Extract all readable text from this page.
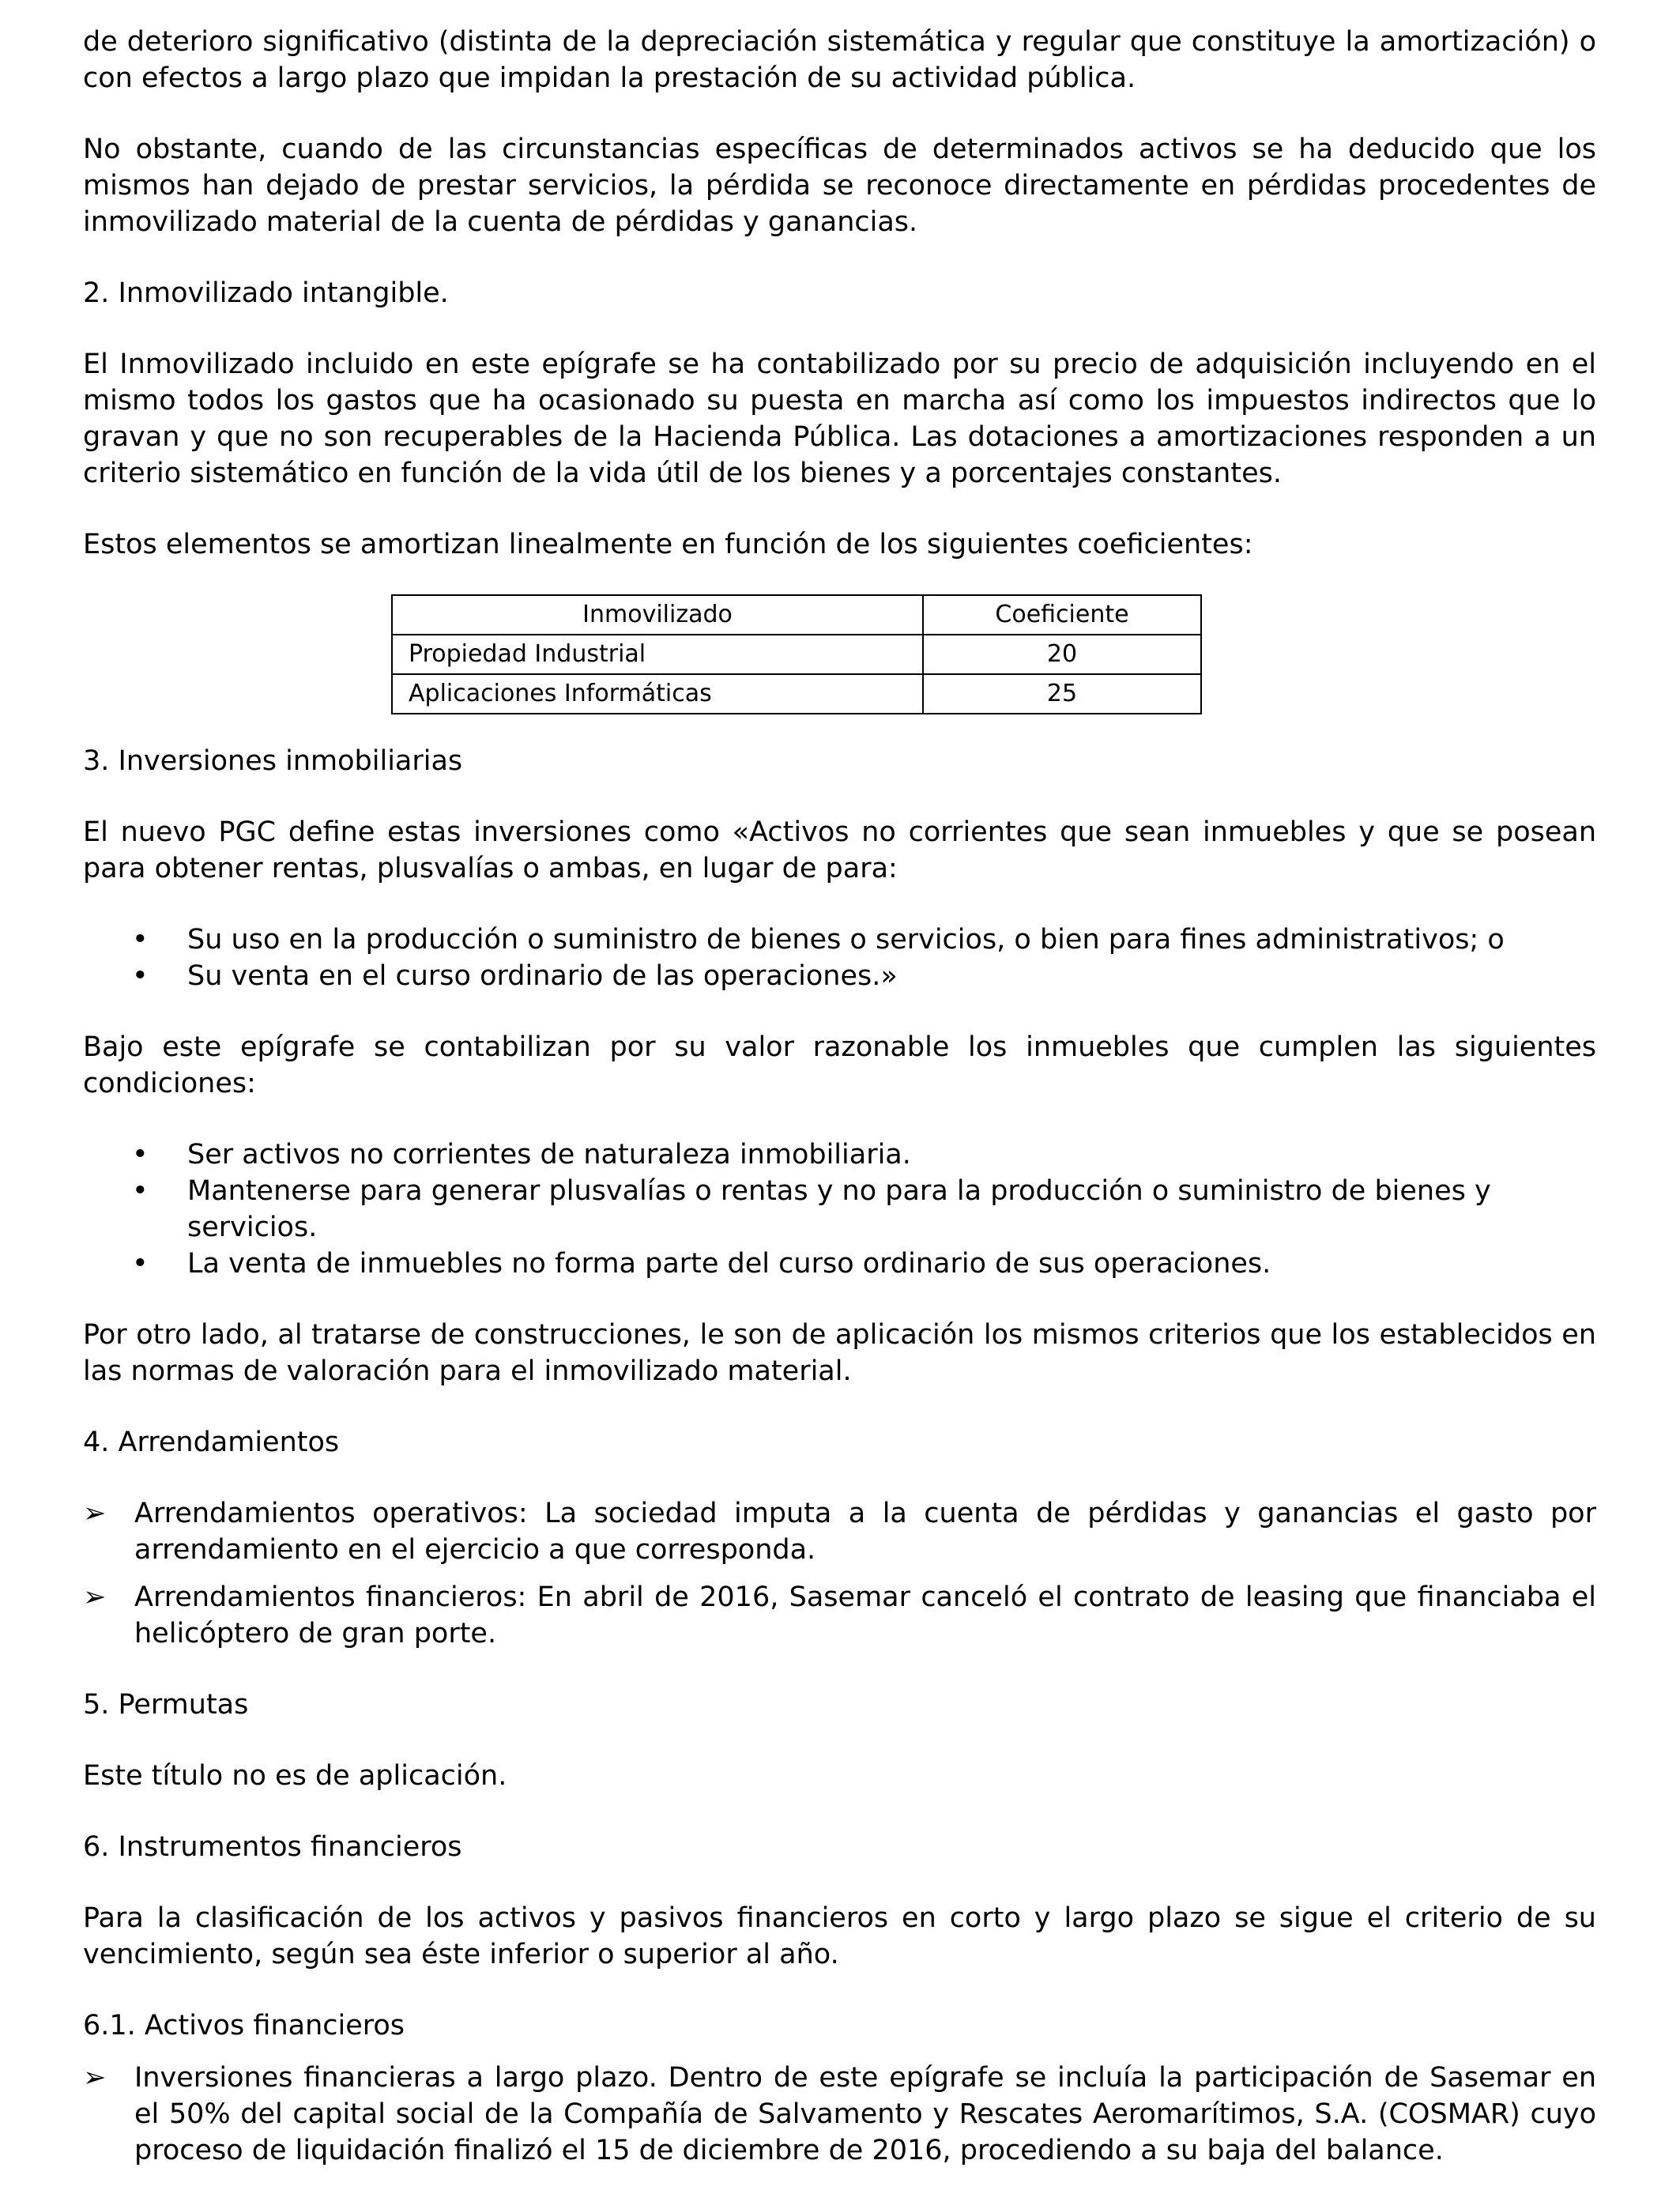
de deterioro significativo (distinta de la depreciación sistemática y regular que constituye la amortización) o con efectos a largo plazo que impidan la prestación de su actividad pública.

No obstante, cuando de las circunstancias específicas de determinados activos se ha deducido que los mismos han dejado de prestar servicios, la pérdida se reconoce directamente en pérdidas procedentes de inmovilizado material de la cuenta de pérdidas y ganancias.

2. Inmovilizado intangible.

El Inmovilizado incluido en este epígrafe se ha contabilizado por su precio de adquisición incluyendo en el mismo todos los gastos que ha ocasionado su puesta en marcha así como los impuestos indirectos que lo gravan y que no son recuperables de la Hacienda Pública. Las dotaciones a amortizaciones responden a un criterio sistemático en función de la vida útil de los bienes y a porcentajes constantes.

Estos elementos se amortizan linealmente en función de los siguientes coeficientes:

Inmovilizado	Coeficiente
Propiedad Industrial	20
Aplicaciones Informáticas	25

3. Inversiones inmobiliarias

El nuevo PGC define estas inversiones como «Activos no corrientes que sean inmuebles y que se posean para obtener rentas, plusvalías o ambas, en lugar de para:

• Su uso en la producción o suministro de bienes o servicios, o bien para fines administrativos; o
• Su venta en el curso ordinario de las operaciones.»

Bajo este epígrafe se contabilizan por su valor razonable los inmuebles que cumplen las siguientes condiciones:

• Ser activos no corrientes de naturaleza inmobiliaria.
• Mantenerse para generar plusvalías o rentas y no para la producción o suministro de bienes y servicios.
• La venta de inmuebles no forma parte del curso ordinario de sus operaciones.

Por otro lado, al tratarse de construcciones, le son de aplicación los mismos criterios que los establecidos en las normas de valoración para el inmovilizado material.

4. Arrendamientos

➢ Arrendamientos operativos: La sociedad imputa a la cuenta de pérdidas y ganancias el gasto por arrendamiento en el ejercicio a que corresponda.
➢ Arrendamientos financieros: En abril de 2016, Sasemar canceló el contrato de leasing que financiaba el helicóptero de gran porte.

5. Permutas

Este título no es de aplicación.

6. Instrumentos financieros

Para la clasificación de los activos y pasivos financieros en corto y largo plazo se sigue el criterio de su vencimiento, según sea éste inferior o superior al año.

6.1. Activos financieros

➢ Inversiones financieras a largo plazo. Dentro de este epígrafe se incluía la participación de Sasemar en el 50% del capital social de la Compañía de Salvamento y Rescates Aeromarítimos, S.A. (COSMAR) cuyo proceso de liquidación finalizó el 15 de diciembre de 2016, procediendo a su baja del balance.
